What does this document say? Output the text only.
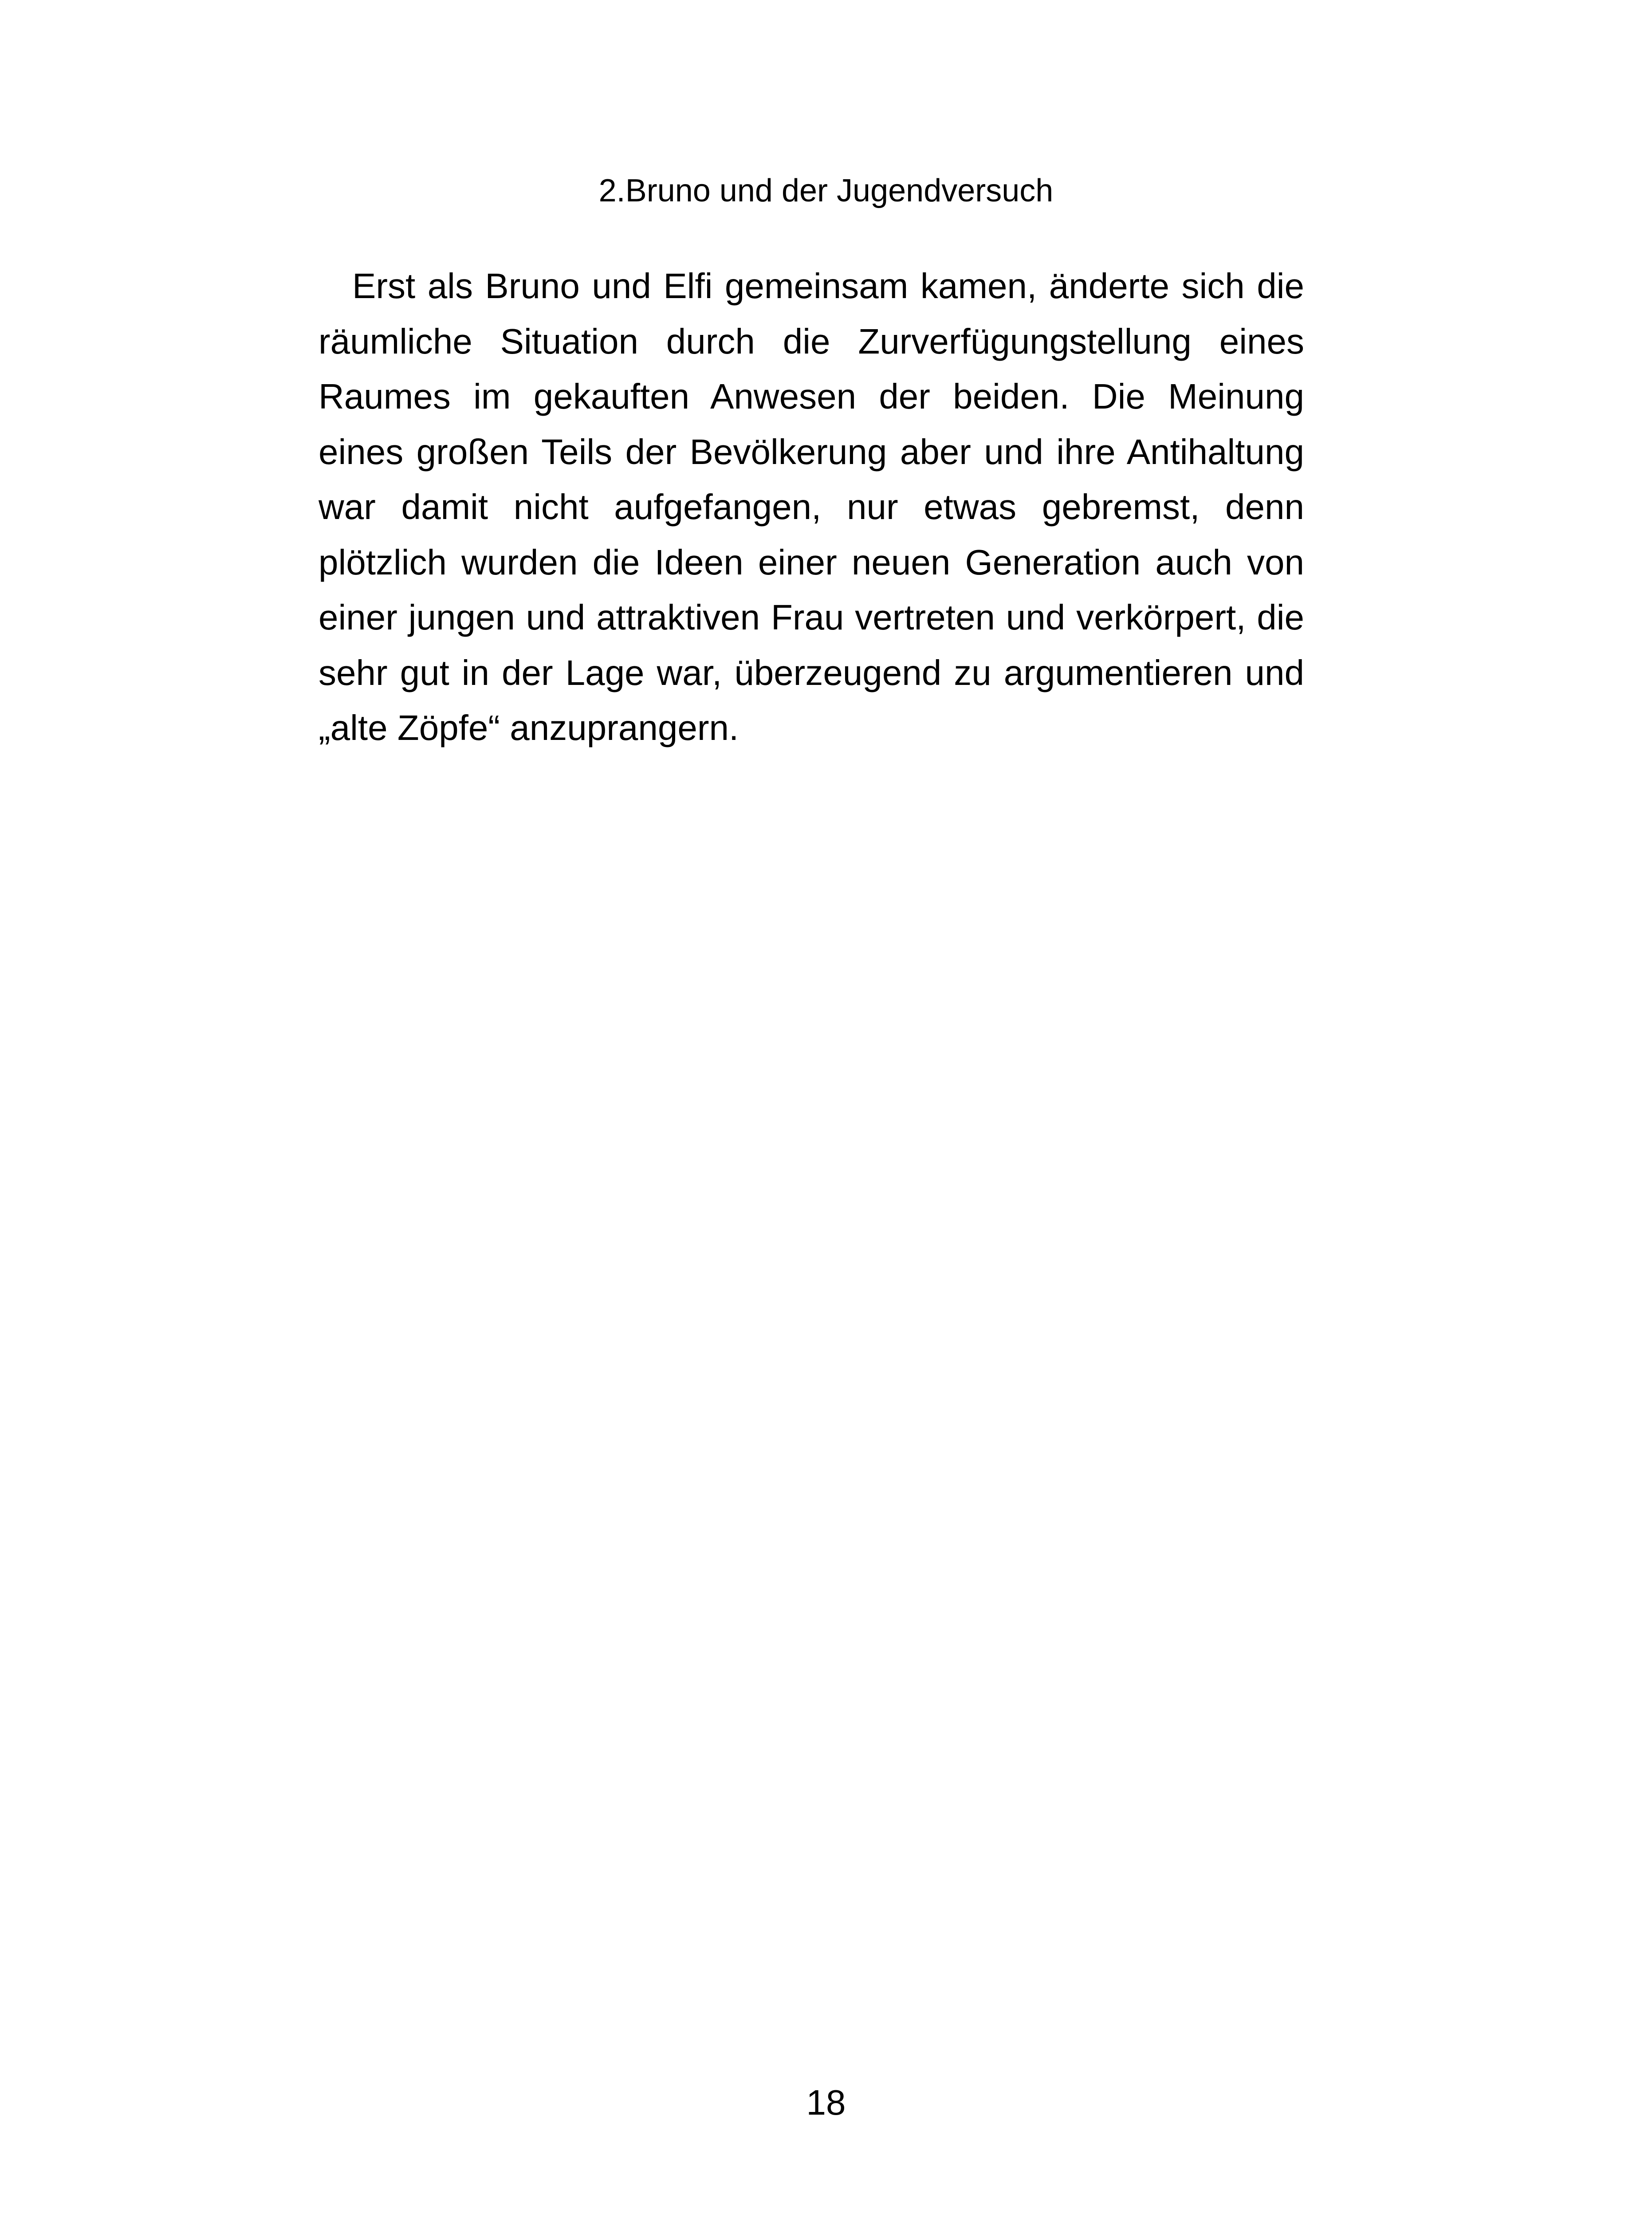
2.Bruno und der Jugendversuch

Erst als Bruno und Elfi gemeinsam kamen, änderte sich die räumliche Situation durch die Zurverfügungstellung eines Raumes im gekauften Anwesen der beiden. Die Meinung eines großen Teils der Bevölkerung aber und ihre Antihaltung war damit nicht aufgefangen, nur etwas gebremst, denn plötzlich wurden die Ideen einer neuen Generation auch von einer jungen und attraktiven Frau vertreten und verkörpert, die sehr gut in der Lage war, überzeugend zu argumentieren und „alte Zöpfe“ anzuprangern.

18
